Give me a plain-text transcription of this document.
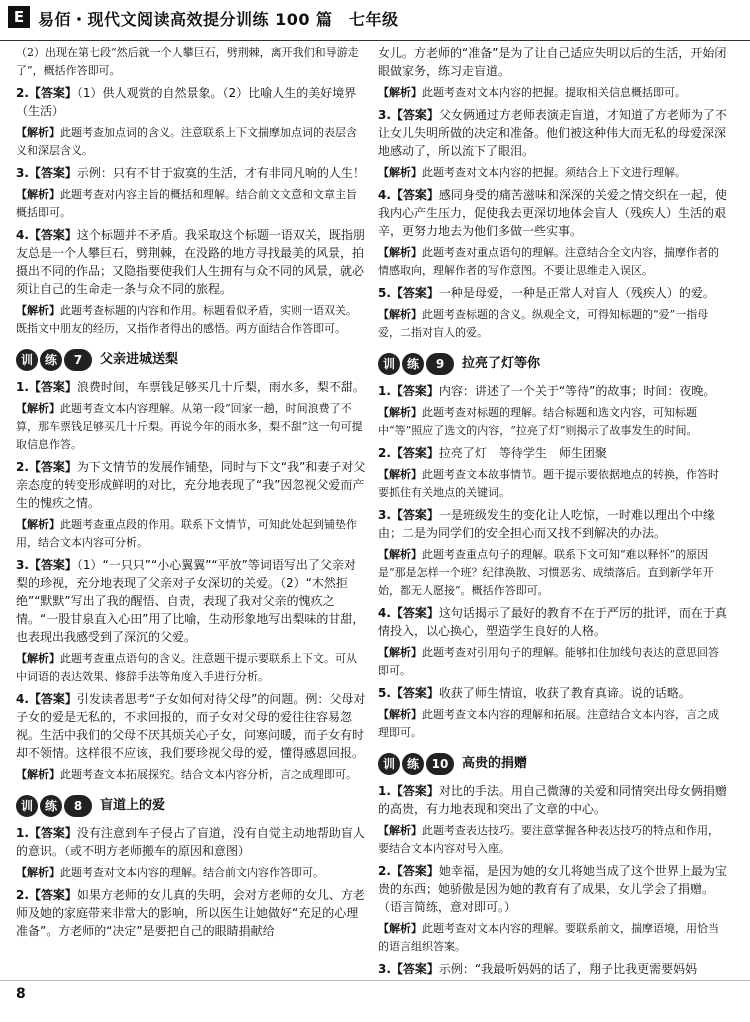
E 易佰・现代文阅读高效提分训练 100 篇　七年级

（2）出现在第七段“然后就一个人攀巨石，劈荆棘，离开我们和导游走了”，概括作答即可。

2.【答案】（1）供人观赏的自然景象。（2）比喻人生的美好境界（生活）

【解析】此题考查加点词的含义。注意联系上下文揣摩加点词的表层含义和深层含义。

3.【答案】示例：只有不甘于寂寞的生活，才有非同凡响的人生！

【解析】此题考查对内容主旨的概括和理解。结合前文文意和文章主旨概括即可。

4.【答案】这个标题并不矛盾。我采取这个标题一语双关，既指朋友总是一个人攀巨石，劈荆棘，在没路的地方寻找最美的风景，拍摄出不同的作品；又隐指要使我们人生拥有与众不同的风景，就必须让自己的生命走一条与众不同的旅程。

【解析】此题考查标题的内容和作用。标题看似矛盾，实则一语双关。既指文中朋友的经历，又指作者得出的感悟。两方面结合作答即可。

训 练	7	父亲进城送梨

1.【答案】浪费时间，车票钱足够买几十斤梨，雨水多，梨不甜。

【解析】此题考查文本内容理解。从第一段“回家一趟，时间浪费了不算，那车票钱足够买几十斤梨。再说今年的雨水多，梨不甜”这一句可提取信息作答。

2.【答案】为下文情节的发展作铺垫，同时与下文“我”和妻子对父亲态度的转变形成鲜明的对比，充分地表现了“我”因忽视父爱而产生的愧疚之情。

【解析】此题考查重点段的作用。联系下文情节，可知此处起到铺垫作用，结合文本内容可分析。

3.【答案】（1）“一只只”“小心翼翼”“平放”等词语写出了父亲对梨的珍视，充分地表现了父亲对子女深切的关爱。（2）“木然拒绝”“默默”写出了我的醒悟、自责，表现了我对父亲的愧疚之情。“一股甘泉直入心田”用了比喻，生动形象地写出梨味的甘甜，也表现出我感受到了深沉的父爱。

【解析】此题考查重点语句的含义。注意题干提示要联系上下文。可从中词语的表达效果、修辞手法等角度入手进行分析。

4.【答案】引发读者思考“子女如何对待父母”的问题。例：父母对子女的爱是无私的，不求回报的，而子女对父母的爱往往容易忽视。生活中我们的父母不厌其烦关心子女，问寒问暖，而子女有时却不领情。这样很不应该，我们要珍视父母的爱，懂得感恩回报。

【解析】此题考查文本拓展探究。结合文本内容分析，言之成理即可。

训 练	8	盲道上的爱

1.【答案】没有注意到车子侵占了盲道，没有自觉主动地帮助盲人的意识。（或不明方老师搬车的原因和意图）

【解析】此题考查对文本内容的理解。结合前文内容作答即可。

2.【答案】如果方老师的女儿真的失明，会对方老师的女儿、方老师及她的家庭带来非常大的影响，所以医生让她做好“充足的心理准备”。方老师的“决定”是要把自己的眼睛捐献给

女儿。方老师的“准备”是为了让自己适应失明以后的生活，开始闭眼做家务，练习走盲道。

【解析】此题考查对文本内容的把握。提取相关信息概括即可。

3.【答案】父女俩通过方老师表演走盲道，才知道了方老师为了不让女儿失明所做的决定和准备。他们被这种伟大而无私的母爱深深地感动了，所以流下了眼泪。

【解析】此题考查对文本内容的把握。须结合上下文进行理解。

4.【答案】感同身受的痛苦滋味和深深的关爱之情交织在一起，使我内心产生压力，促使我去更深切地体会盲人（残疾人）生活的艰辛，更努力地去为他们多做一些实事。

【解析】此题考查对重点语句的理解。注意结合全文内容，揣摩作者的情感取向，理解作者的写作意图。不要让思维走入误区。

5.【答案】一种是母爱，一种是正常人对盲人（残疾人）的爱。

【解析】此题考查标题的含义。纵观全文，可得知标题的“爱”一指母爱，二指对盲人的爱。

训 练	9	拉亮了灯等你

1.【答案】内容：讲述了一个关于“等待”的故事；时间：夜晚。

【解析】此题考查对标题的理解。结合标题和选文内容，可知标题中“等”照应了选文的内容，“拉亮了灯”则揭示了故事发生的时间。

2.【答案】拉亮了灯　等待学生　师生团聚

【解析】此题考查文本故事情节。题干提示要依据地点的转换，作答时要抓住有关地点的关键词。

3.【答案】一是班级发生的变化让人吃惊，一时难以理出个中缘由；二是为同学们的安全担心而又找不到解决的办法。

【解析】此题考查重点句子的理解。联系下文可知“难以释怀”的原因是“那是怎样一个班？纪律涣散、习惯恶劣、成绩落后。直到新学年开始，都无人愿接”。概括作答即可。

4.【答案】这句话揭示了最好的教育不在于严厉的批评，而在于真情投入，以心换心，塑造学生良好的人格。

【解析】此题考查对引用句子的理解。能够扣住加线句表达的意思回答即可。

5.【答案】收获了师生情谊，收获了教育真谛。说的话略。

【解析】此题考查文本内容的理解和拓展。注意结合文本内容，言之成理即可。

训 练	10	高贵的捐赠

1.【答案】对比的手法。用自己微薄的关爱和同情突出母女俩捐赠的高贵，有力地表现和突出了文章的中心。

【解析】此题考查表达技巧。要注意掌握各种表达技巧的特点和作用，要结合文本内容对号入座。

2.【答案】她幸福，是因为她的女儿将她当成了这个世界上最为宝贵的东西；她骄傲是因为她的教育有了成果，女儿学会了捐赠。（语言简练，意对即可。）

【解析】此题考查对文本内容的理解。要联系前文，揣摩语境，用恰当的语言组织答案。

3.【答案】示例：“我最听妈妈的话了，翔子比我更需要妈妈

8
